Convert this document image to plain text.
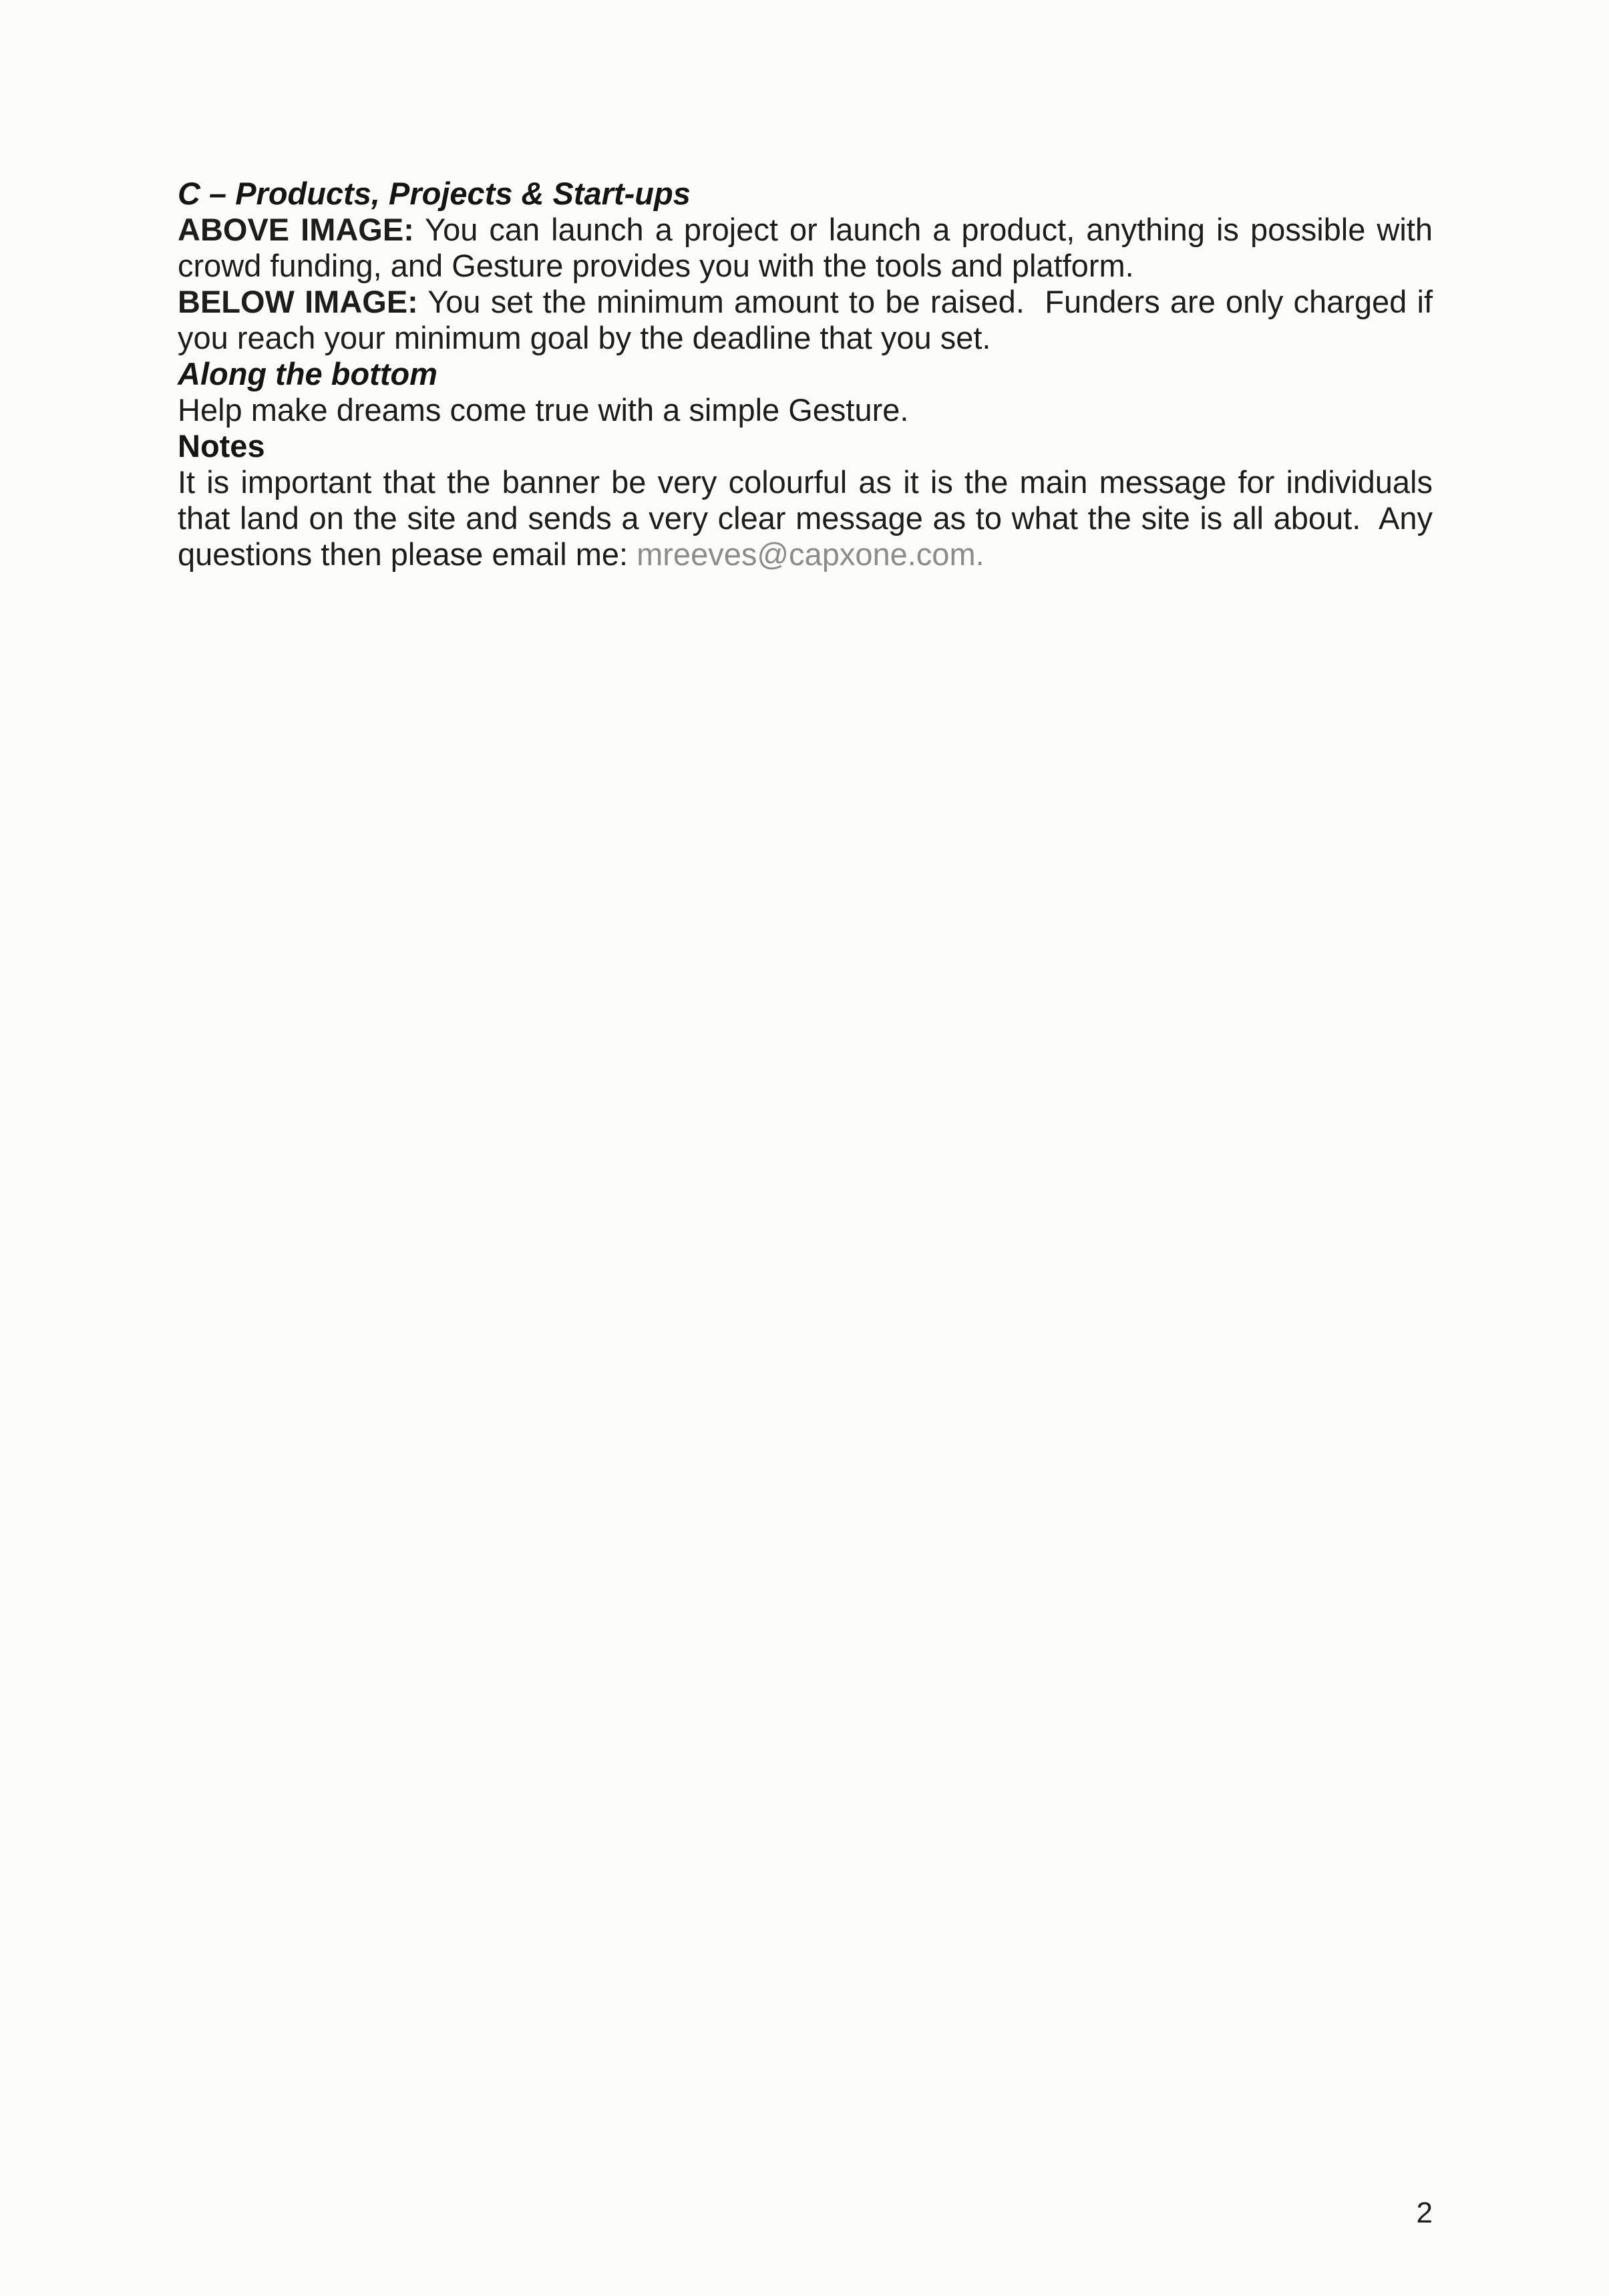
C – Products, Projects & Start-ups

ABOVE IMAGE: You can launch a project or launch a product, anything is possible with crowd funding, and Gesture provides you with the tools and platform.

BELOW IMAGE: You set the minimum amount to be raised.  Funders are only charged if you reach your minimum goal by the deadline that you set.

Along the bottom

Help make dreams come true with a simple Gesture.

Notes

It is important that the banner be very colourful as it is the main message for individuals that land on the site and sends a very clear message as to what the site is all about.  Any questions then please email me: mreeves@capxone.com.

2
